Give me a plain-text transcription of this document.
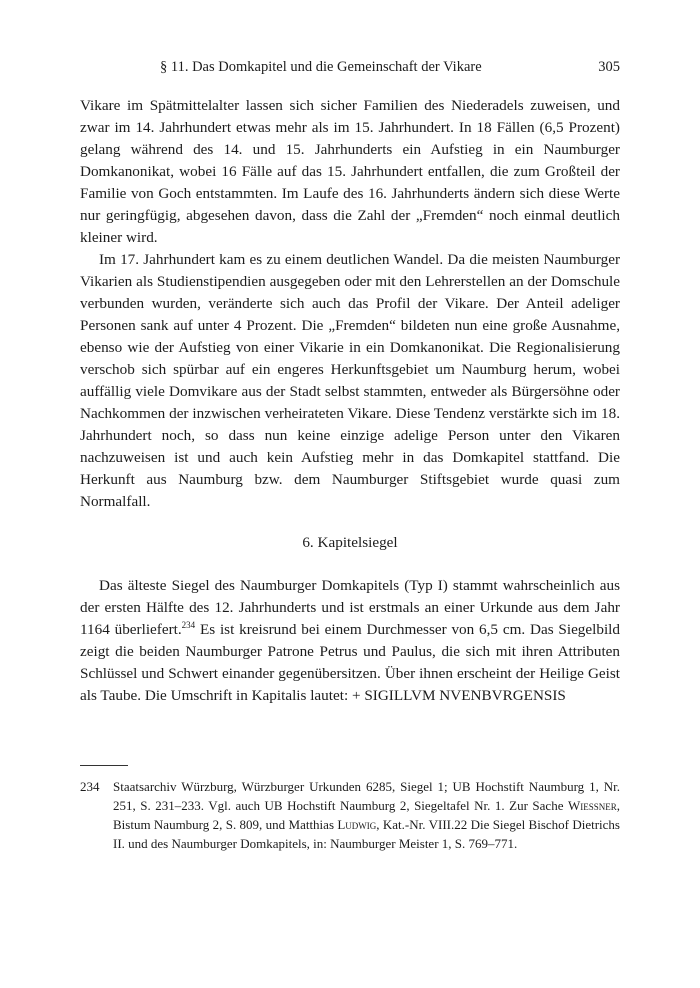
§ 11. Das Domkapitel und die Gemeinschaft der Vikare	305

Vikare im Spätmittelalter lassen sich sicher Familien des Niederadels zuweisen, und zwar im 14. Jahrhundert etwas mehr als im 15. Jahrhundert. In 18 Fällen (6,5 Prozent) gelang während des 14. und 15. Jahrhunderts ein Aufstieg in ein Naumburger Domkanonikat, wobei 16 Fälle auf das 15. Jahrhundert entfallen, die zum Großteil der Familie von Goch entstammten. Im Laufe des 16. Jahrhunderts ändern sich diese Werte nur geringfügig, abgesehen davon, dass die Zahl der „Fremden“ noch einmal deutlich kleiner wird.

Im 17. Jahrhundert kam es zu einem deutlichen Wandel. Da die meisten Naumburger Vikarien als Studienstipendien ausgegeben oder mit den Lehrerstellen an der Domschule verbunden wurden, veränderte sich auch das Profil der Vikare. Der Anteil adeliger Personen sank auf unter 4 Prozent. Die „Fremden“ bildeten nun eine große Ausnahme, ebenso wie der Aufstieg von einer Vikarie in ein Domkanonikat. Die Regionalisierung verschob sich spürbar auf ein engeres Herkunftsgebiet um Naumburg herum, wobei auffällig viele Domvikare aus der Stadt selbst stammten, entweder als Bürgersöhne oder Nachkommen der inzwischen verheirateten Vikare. Diese Tendenz verstärkte sich im 18. Jahrhundert noch, so dass nun keine einzige adelige Person unter den Vikaren nachzuweisen ist und auch kein Aufstieg mehr in das Domkapitel stattfand. Die Herkunft aus Naumburg bzw. dem Naumburger Stiftsgebiet wurde quasi zum Normalfall.

6. Kapitelsiegel

Das älteste Siegel des Naumburger Domkapitels (Typ I) stammt wahrscheinlich aus der ersten Hälfte des 12. Jahrhunderts und ist erstmals an einer Urkunde aus dem Jahr 1164 überliefert.$^{234}$ Es ist kreisrund bei einem Durchmesser von 6,5 cm. Das Siegelbild zeigt die beiden Naumburger Patrone Petrus und Paulus, die sich mit ihren Attributen Schlüssel und Schwert einander gegenübersitzen. Über ihnen erscheint der Heilige Geist als Taube. Die Umschrift in Kapitalis lautet: + SIGILLVM NVENBVRGENSIS

234	Staatsarchiv Würzburg, Würzburger Urkunden 6285, Siegel 1; UB Hochstift Naumburg 1, Nr. 251, S. 231–233. Vgl. auch UB Hochstift Naumburg 2, Siegeltafel Nr. 1. Zur Sache Wiessner, Bistum Naumburg 2, S. 809, und Matthias Ludwig, Kat.-Nr. VIII.22 Die Siegel Bischof Dietrichs II. und des Naumburger Domkapitels, in: Naumburger Meister 1, S. 769–771.
